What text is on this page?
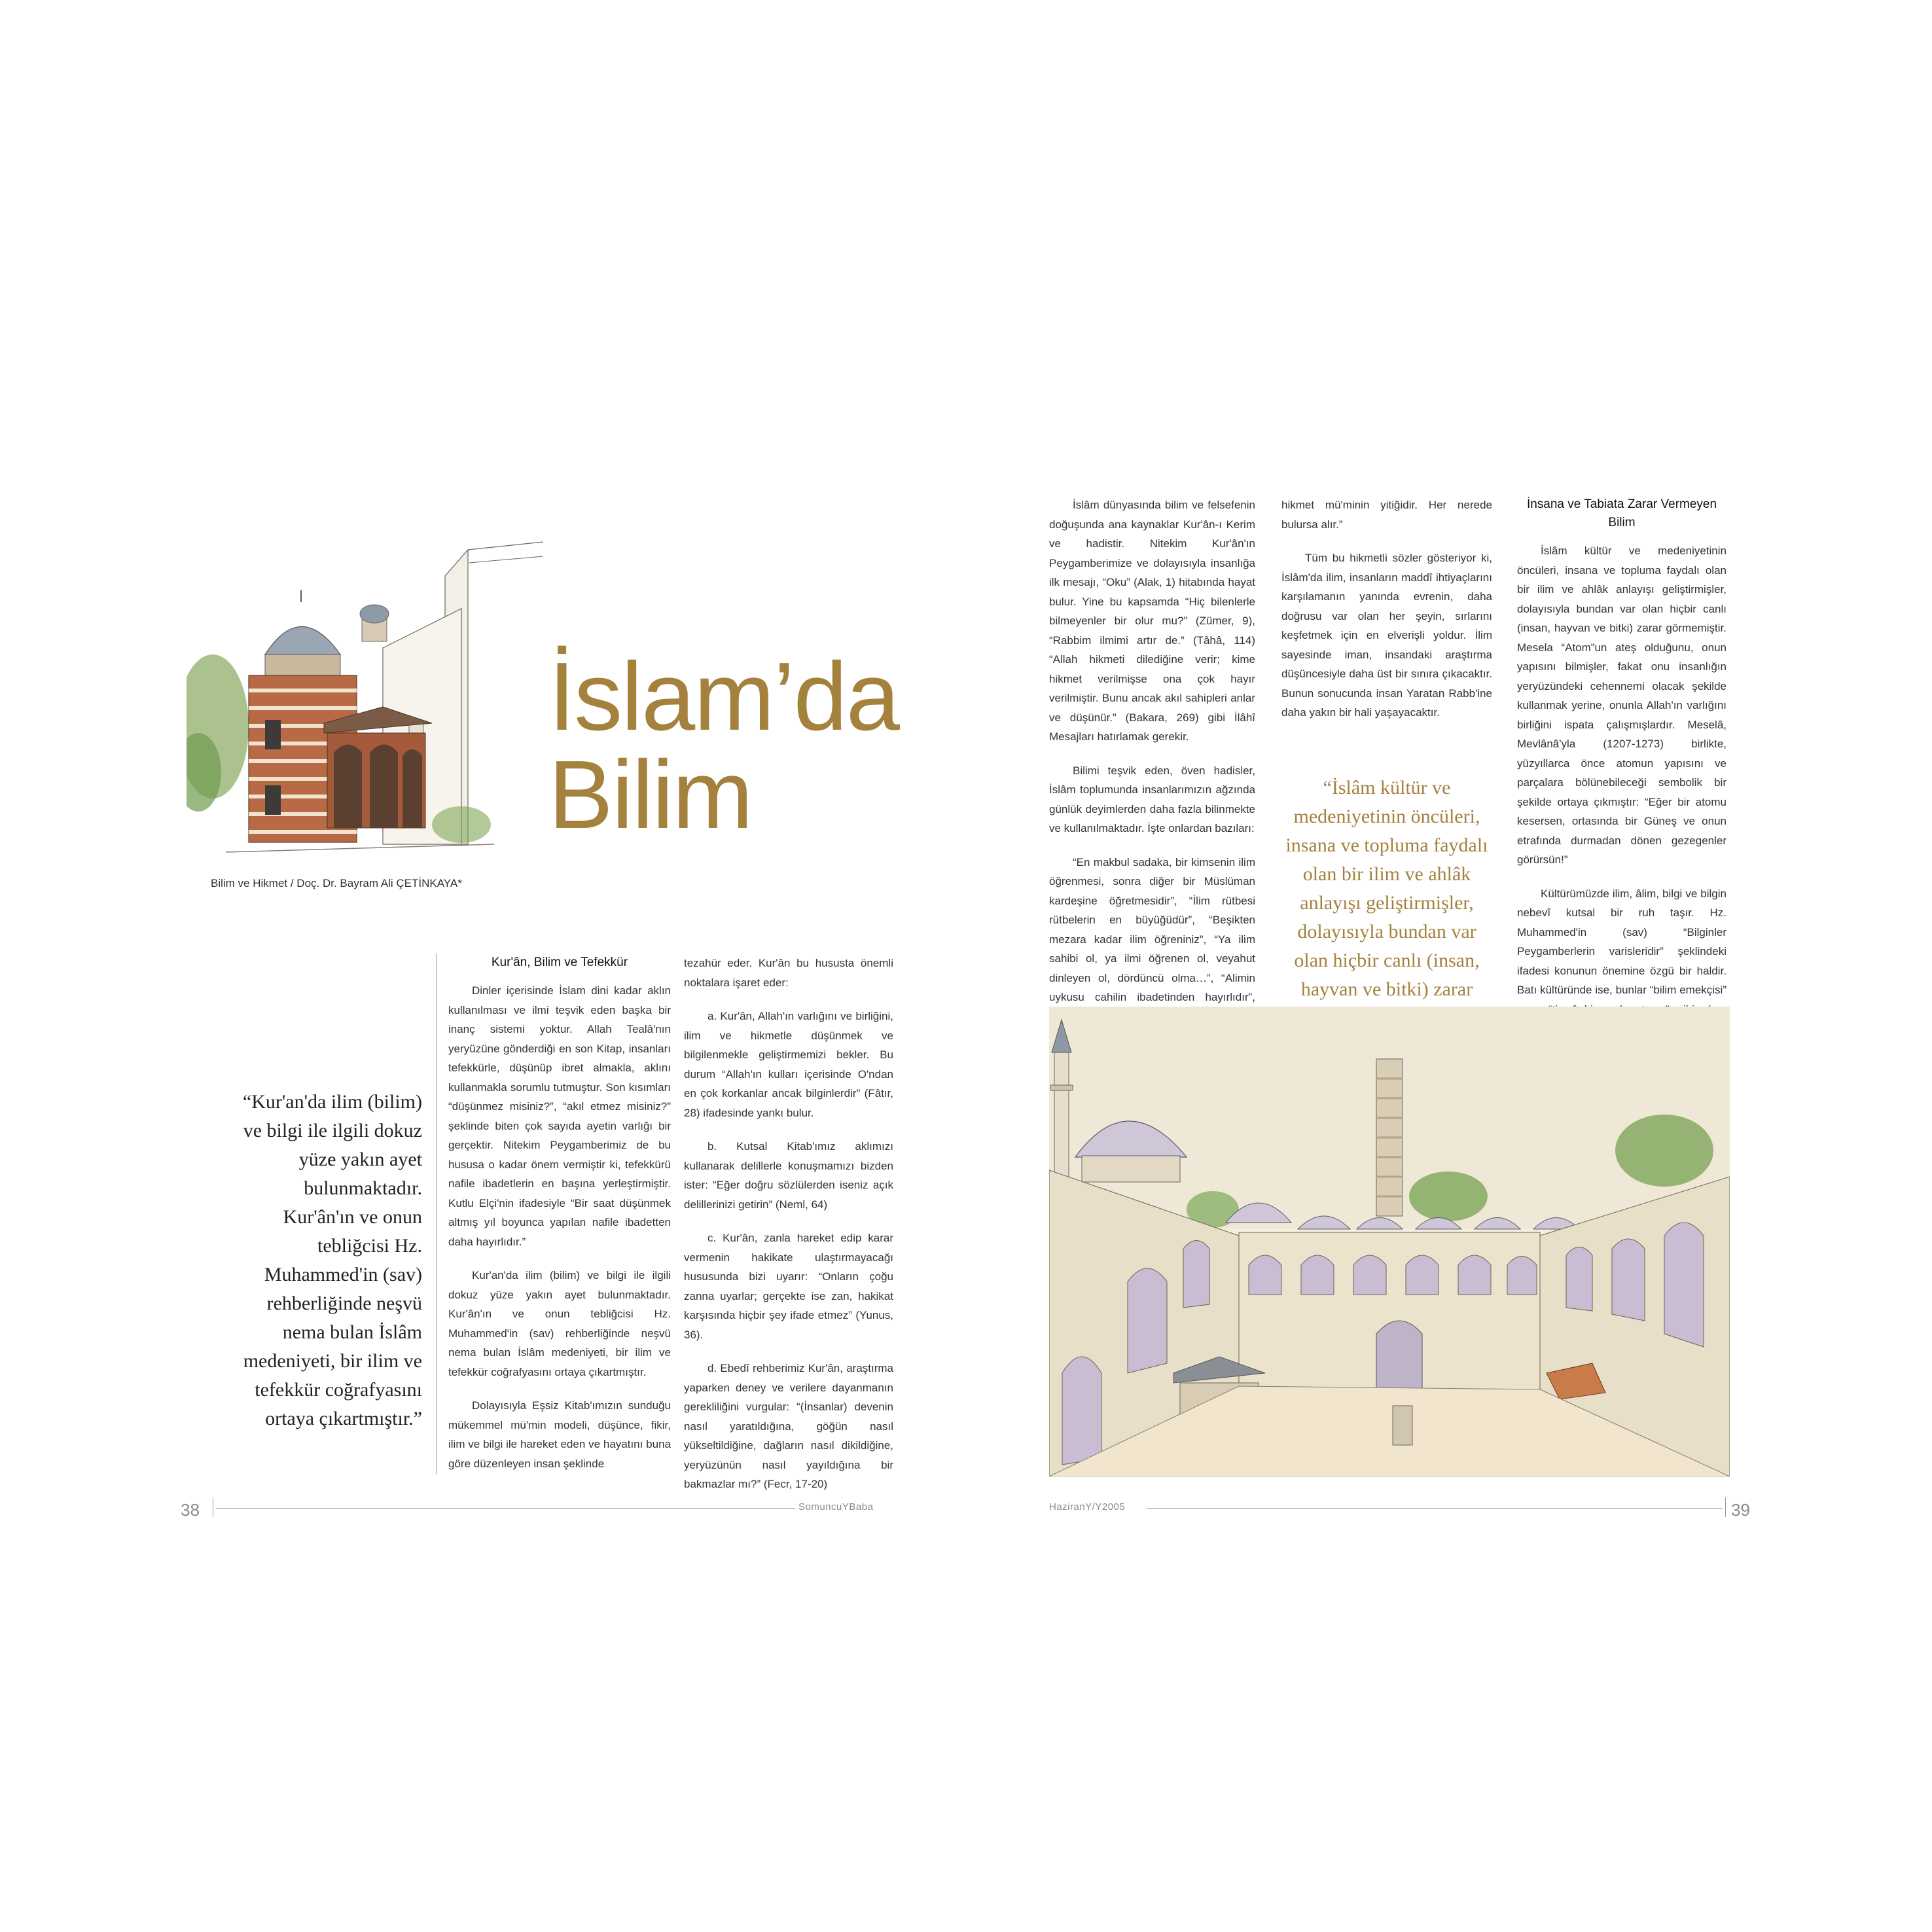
İslam’da
Bilim
Bilim ve Hikmet / Doç. Dr. Bayram Ali ÇETİNKAYA*
“Kur'an'da ilim (bilim) ve bilgi ile ilgili dokuz yüze yakın ayet bulunmaktadır. Kur'ân'ın ve onun tebliğcisi Hz. Muhammed'in (sav) rehberliğinde neşvü nema bulan İslâm medeniyeti, bir ilim ve tefekkür coğrafyasını ortaya çıkartmıştır.”
Kur'ân, Bilim ve Tefekkür

Dinler içerisinde İslam dini kadar aklın kullanılması ve ilmi teşvik eden başka bir inanç sistemi yoktur. Allah Tealâ'nın yeryüzüne gönderdiği en son Kitap, insanları tefekkürle, düşünüp ibret almakla, aklını kullanmakla sorumlu tutmuştur. Son kısımları “düşünmez misiniz?”, “akıl etmez misiniz?” şeklinde biten çok sayıda ayetin varlığı bir gerçektir. Nitekim Peygamberimiz de bu hususa o kadar önem vermiştir ki, tefekkürü nafile ibadetlerin en başına yerleştirmiştir. Kutlu Elçi'nin ifadesiyle “Bir saat düşünmek altmış yıl boyunca yapılan nafile ibadetten daha hayırlıdır.”

Kur'an'da ilim (bilim) ve bilgi ile ilgili dokuz yüze yakın ayet bulunmaktadır. Kur'ân'ın ve onun tebliğcisi Hz. Muhammed'in (sav) rehberliğinde neşvü nema bulan İslâm medeniyeti, bir ilim ve tefekkür coğrafyasını ortaya çıkartmıştır.

Dolayısıyla Eşsiz Kitab'ımızın sunduğu mükemmel mü'min modeli, düşünce, fikir, ilim ve bilgi ile hareket eden ve hayatını buna göre düzenleyen insan şeklinde

tezahür eder. Kur'ân bu hususta önemli noktalara işaret eder:

a. Kur'ân, Allah'ın varlığını ve birliğini, ilim ve hikmetle düşünmek ve bilgilenmekle geliştirmemizi bekler. Bu durum “Allah'ın kulları içerisinde O'ndan en çok korkanlar ancak bilginlerdir” (Fâtır, 28) ifadesinde yankı bulur.

b. Kutsal Kitab'ımız aklımızı kullanarak delillerle konuşmamızı bizden ister: “Eğer doğru sözlülerden iseniz açık delillerinizi getirin” (Neml, 64)

c. Kur'ân, zanla hareket edip karar vermenin hakikate ulaştırmayacağı hususunda bizi uyarır: “Onların çoğu zanna uyarlar; gerçekte ise zan, hakikat karşısında hiçbir şey ifade etmez” (Yunus, 36).

d. Ebedî rehberimiz Kur'ân, araştırma yaparken deney ve verilere dayanmanın gerekliliğini vurgular: “(İnsanlar) devenin nasıl yaratıldığına, göğün nasıl yükseltildiğine, dağların nasıl dikildiğine, yeryüzünün nasıl yayıldığına bir bakmazlar mı?” (Fecr, 17-20)

38	SomuncuYBaba

İslâm dünyasında bilim ve felsefenin doğuşunda ana kaynaklar Kur'ân-ı Kerim ve hadistir. Nitekim Kur'ân'ın Peygamberimize ve dolayısıyla insanlığa ilk mesajı, “Oku” (Alak, 1) hitabında hayat bulur. Yine bu kapsamda “Hiç bilenlerle bilmeyenler bir olur mu?” (Zümer, 9), “Rabbim ilmimi artır de.” (Tâhâ, 114) “Allah hikmeti dilediğine verir; kime hikmet verilmişse ona çok hayır verilmiştir. Bunu ancak akıl sahipleri anlar ve düşünür.” (Bakara, 269) gibi İlâhî Mesajları hatırlamak gerekir.

Bilimi teşvik eden, öven hadisler, İslâm toplumunda insanlarımızın ağzında günlük deyimlerden daha fazla bilinmekte ve kullanılmaktadır. İşte onlardan bazıları:

“En makbul sadaka, bir kimsenin ilim öğrenmesi, sonra diğer bir Müslüman kardeşine öğretmesidir”, “İlim rütbesi rütbelerin en büyüğüdür”, “Beşikten mezara kadar ilim öğreniniz”, “Ya ilim sahibi ol, ya ilmi öğrenen ol, veyahut dinleyen ol, dördüncü olma…”, “Alimin uykusu cahilin ibadetinden hayırlıdır”,

hikmet mü'minin yitiğidir. Her nerede bulursa alır.”

Tüm bu hikmetli sözler gösteriyor ki, İslâm'da ilim, insanların maddî ihtiyaçlarını karşılamanın yanında evrenin, daha doğrusu var olan her şeyin, sırlarını keşfetmek için en elverişli yoldur. İlim sayesinde iman, insandaki araştırma düşüncesiyle daha üst bir sınıra çıkacaktır. Bunun sonucunda insan Yaratan Rabb'ine daha yakın bir hali yaşayacaktır.

“İslâm kültür ve medeniyetinin öncüleri, insana ve topluma faydalı olan bir ilim ve ahlâk anlayışı geliştirmişler, dolayısıyla bundan var olan hiçbir canlı (insan, hayvan ve bitki) zarar
İnsana ve Tabiata Zarar Vermeyen Bilim

İslâm kültür ve medeniyetinin öncüleri, insana ve topluma faydalı olan bir ilim ve ahlâk anlayışı geliştirmişler, dolayısıyla bundan var olan hiçbir canlı (insan, hayvan ve bitki) zarar görmemiştir. Mesela “Atom”un ateş olduğunu, onun yapısını bilmişler, fakat onu insanlığın yeryüzündeki cehennemi olacak şekilde kullanmak yerine, onunla Allah'ın varlığını birliğini ispata çalışmışlardır. Meselâ, Mevlânâ'yla (1207-1273) birlikte, yüzyıllarca önce atomun yapısını ve parçalara bölünebileceği sembolik bir şekilde ortaya çıkmıştır: “Eğer bir atomu kesersen, ortasında bir Güneş ve onun etrafında durmadan dönen gezegenler görürsün!”

Kültürümüzde ilim, âlim, bilgi ve bilgin nebevî kutsal bir ruh taşır. Hz. Muhammed'in (sav) “Bilginler Peygamberlerin varisleridir” şeklindeki ifadesi konunun önemine özgü bir haldir. Batı kültüründe ise, bunlar “bilim emekçisi”

HaziranY/Y2005	39
